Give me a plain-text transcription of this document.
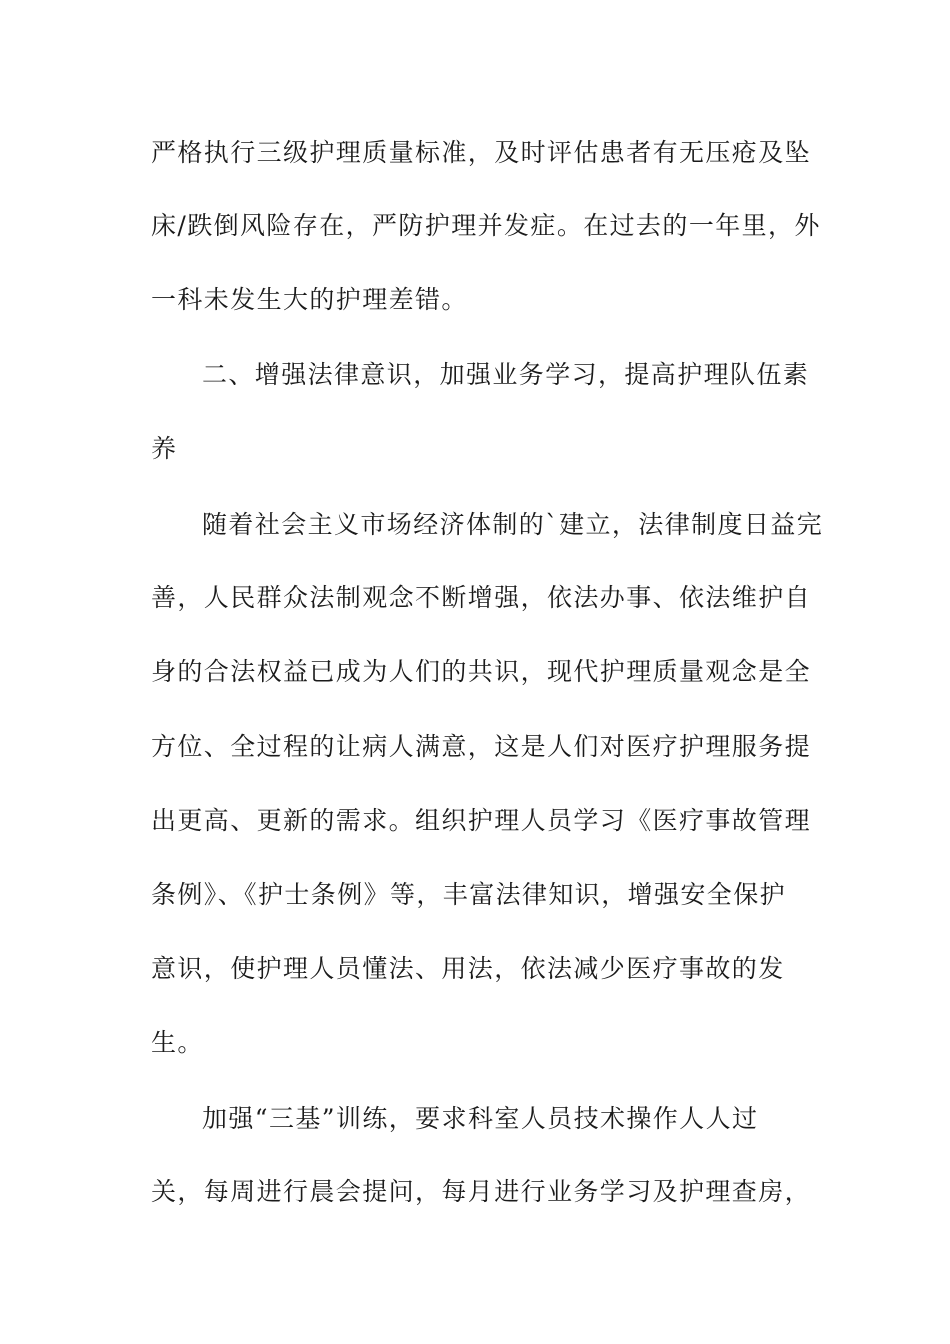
严格执行三级护理质量标准，及时评估患者有无压疮及坠
床/跌倒风险存在，严防护理并发症。在过去的一年里，外
一科未发生大的护理差错。
二、增强法律意识，加强业务学习，提高护理队伍素
养
随着社会主义市场经济体制的`建立，法律制度日益完
善，人民群众法制观念不断增强，依法办事、依法维护自
身的合法权益已成为人们的共识，现代护理质量观念是全
方位、全过程的让病人满意，这是人们对医疗护理服务提
出更高、更新的需求。组织护理人员学习《医疗事故管理
条例》、《护士条例》等，丰富法律知识，增强安全保护
意识，使护理人员懂法、用法，依法减少医疗事故的发
生。
加强“三基”训练，要求科室人员技术操作人人过
关，每周进行晨会提问，每月进行业务学习及护理查房，
